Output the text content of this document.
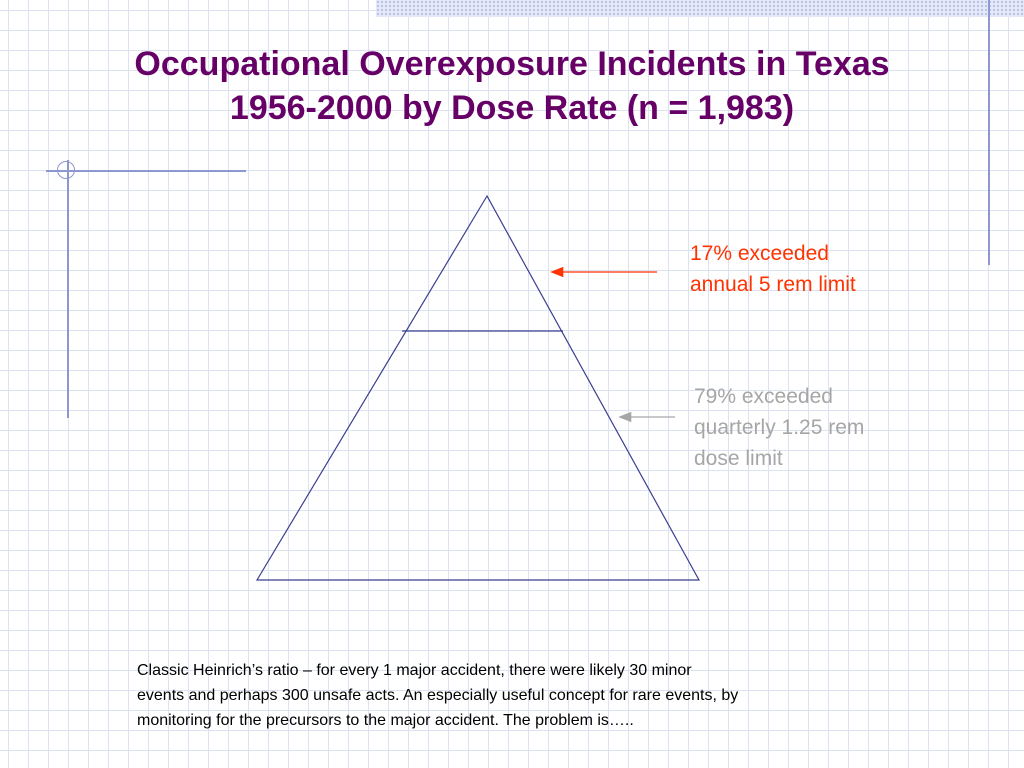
Occupational Overexposure Incidents in Texas
1956-2000 by Dose Rate (n = 1,983)

17% exceeded
annual 5 rem limit

79% exceeded
quarterly 1.25 rem
dose limit

Classic Heinrich’s ratio – for every 1 major accident, there were likely 30 minor
events and perhaps 300 unsafe acts. An especially useful concept for rare events, by
monitoring for the precursors to the major accident. The problem is…..
